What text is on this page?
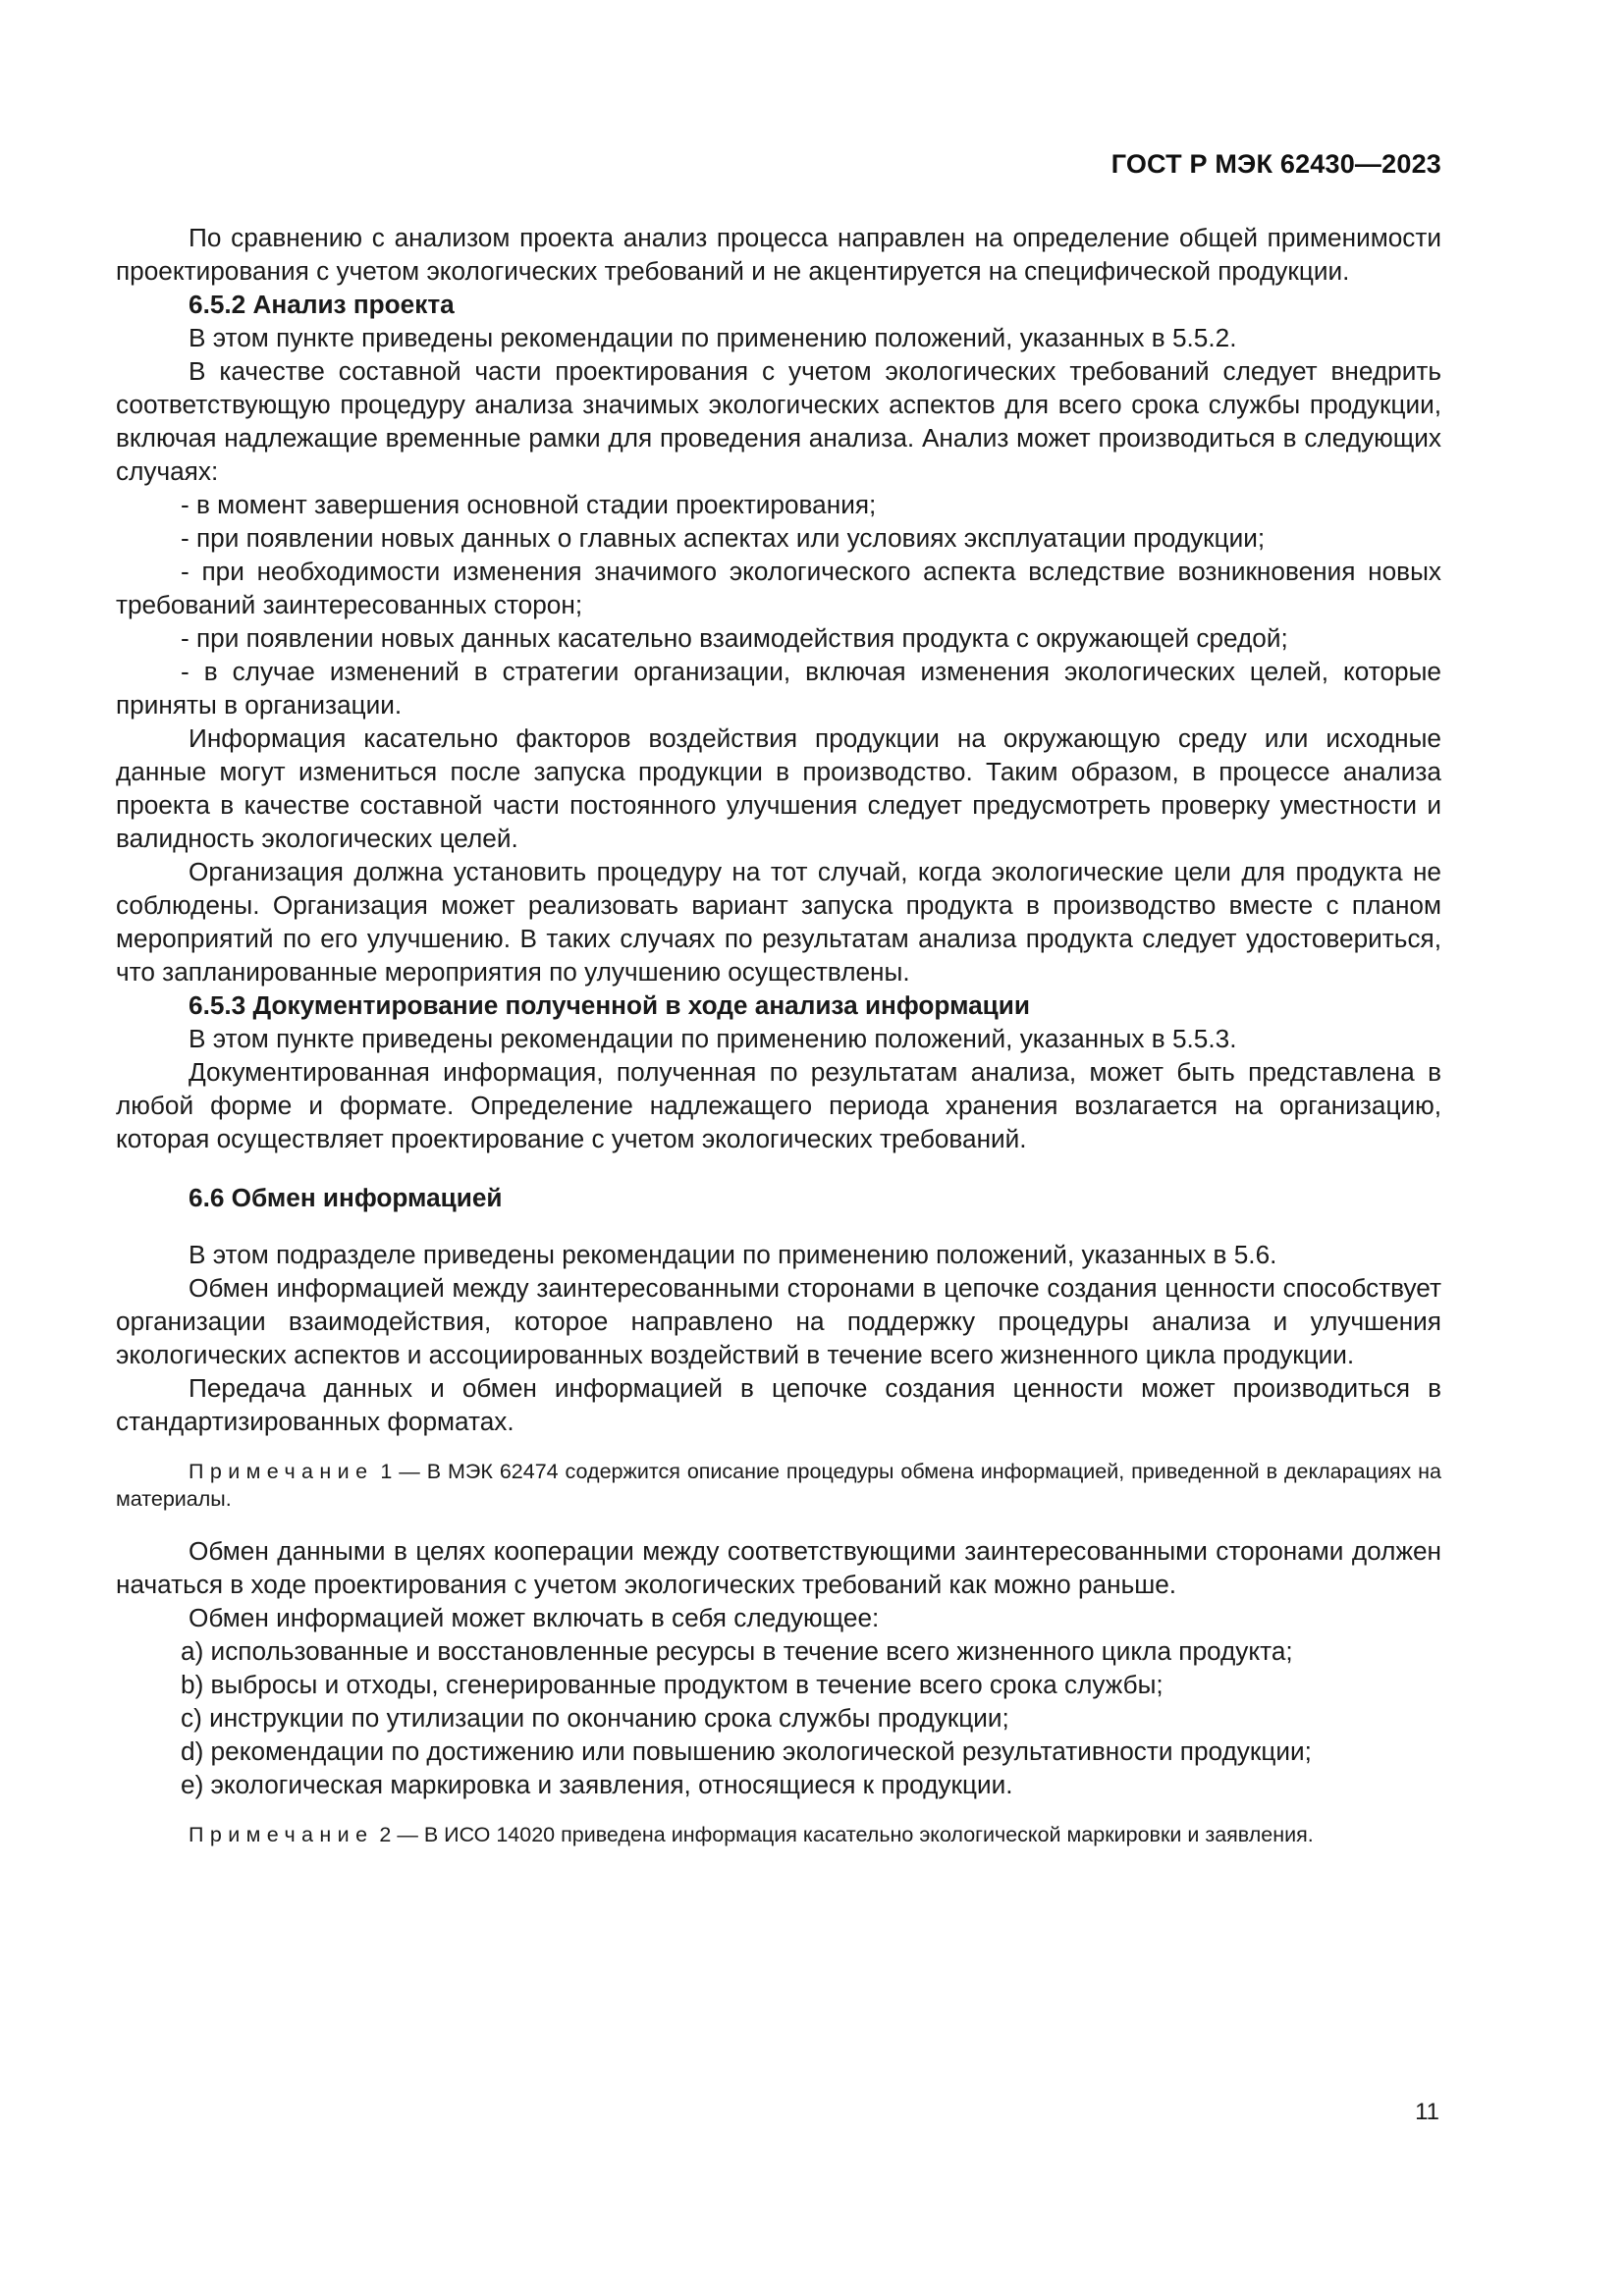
ГОСТ Р МЭК 62430—2023

По сравнению с анализом проекта анализ процесса направлен на определение общей применимости проектирования с учетом экологических требований и не акцентируется на специфической продукции.

6.5.2 Анализ проекта

В этом пункте приведены рекомендации по применению положений, указанных в 5.5.2.

В качестве составной части проектирования с учетом экологических требований следует внедрить соответствующую процедуру анализа значимых экологических аспектов для всего срока службы продукции, включая надлежащие временные рамки для проведения анализа. Анализ может производиться в следующих случаях:

- в момент завершения основной стадии проектирования;

- при появлении новых данных о главных аспектах или условиях эксплуатации продукции;

- при необходимости изменения значимого экологического аспекта вследствие возникновения новых требований заинтересованных сторон;

- при появлении новых данных касательно взаимодействия продукта с окружающей средой;

- в случае изменений в стратегии организации, включая изменения экологических целей, которые приняты в организации.

Информация касательно факторов воздействия продукции на окружающую среду или исходные данные могут измениться после запуска продукции в производство. Таким образом, в процессе анализа проекта в качестве составной части постоянного улучшения следует предусмотреть проверку уместности и валидность экологических целей.

Организация должна установить процедуру на тот случай, когда экологические цели для продукта не соблюдены. Организация может реализовать вариант запуска продукта в производство вместе с планом мероприятий по его улучшению. В таких случаях по результатам анализа продукта следует удостовериться, что запланированные мероприятия по улучшению осуществлены.

6.5.3 Документирование полученной в ходе анализа информации

В этом пункте приведены рекомендации по применению положений, указанных в 5.5.3.

Документированная информация, полученная по результатам анализа, может быть представлена в любой форме и формате. Определение надлежащего периода хранения возлагается на организацию, которая осуществляет проектирование с учетом экологических требований.

6.6 Обмен информацией

В этом подразделе приведены рекомендации по применению положений, указанных в 5.6.

Обмен информацией между заинтересованными сторонами в цепочке создания ценности способствует организации взаимодействия, которое направлено на поддержку процедуры анализа и улучшения экологических аспектов и ассоциированных воздействий в течение всего жизненного цикла продукции.

Передача данных и обмен информацией в цепочке создания ценности может производиться в стандартизированных форматах.

Примечание 1 — В МЭК 62474 содержится описание процедуры обмена информацией, приведенной в декларациях на материалы.

Обмен данными в целях кооперации между соответствующими заинтересованными сторонами должен начаться в ходе проектирования с учетом экологических требований как можно раньше.

Обмен информацией может включать в себя следующее:

a) использованные и восстановленные ресурсы в течение всего жизненного цикла продукта;

b) выбросы и отходы, сгенерированные продуктом в течение всего срока службы;

c) инструкции по утилизации по окончанию срока службы продукции;

d) рекомендации по достижению или повышению экологической результативности продукции;

e) экологическая маркировка и заявления, относящиеся к продукции.

Примечание 2 — В ИСО 14020 приведена информация касательно экологической маркировки и заявления.

11
